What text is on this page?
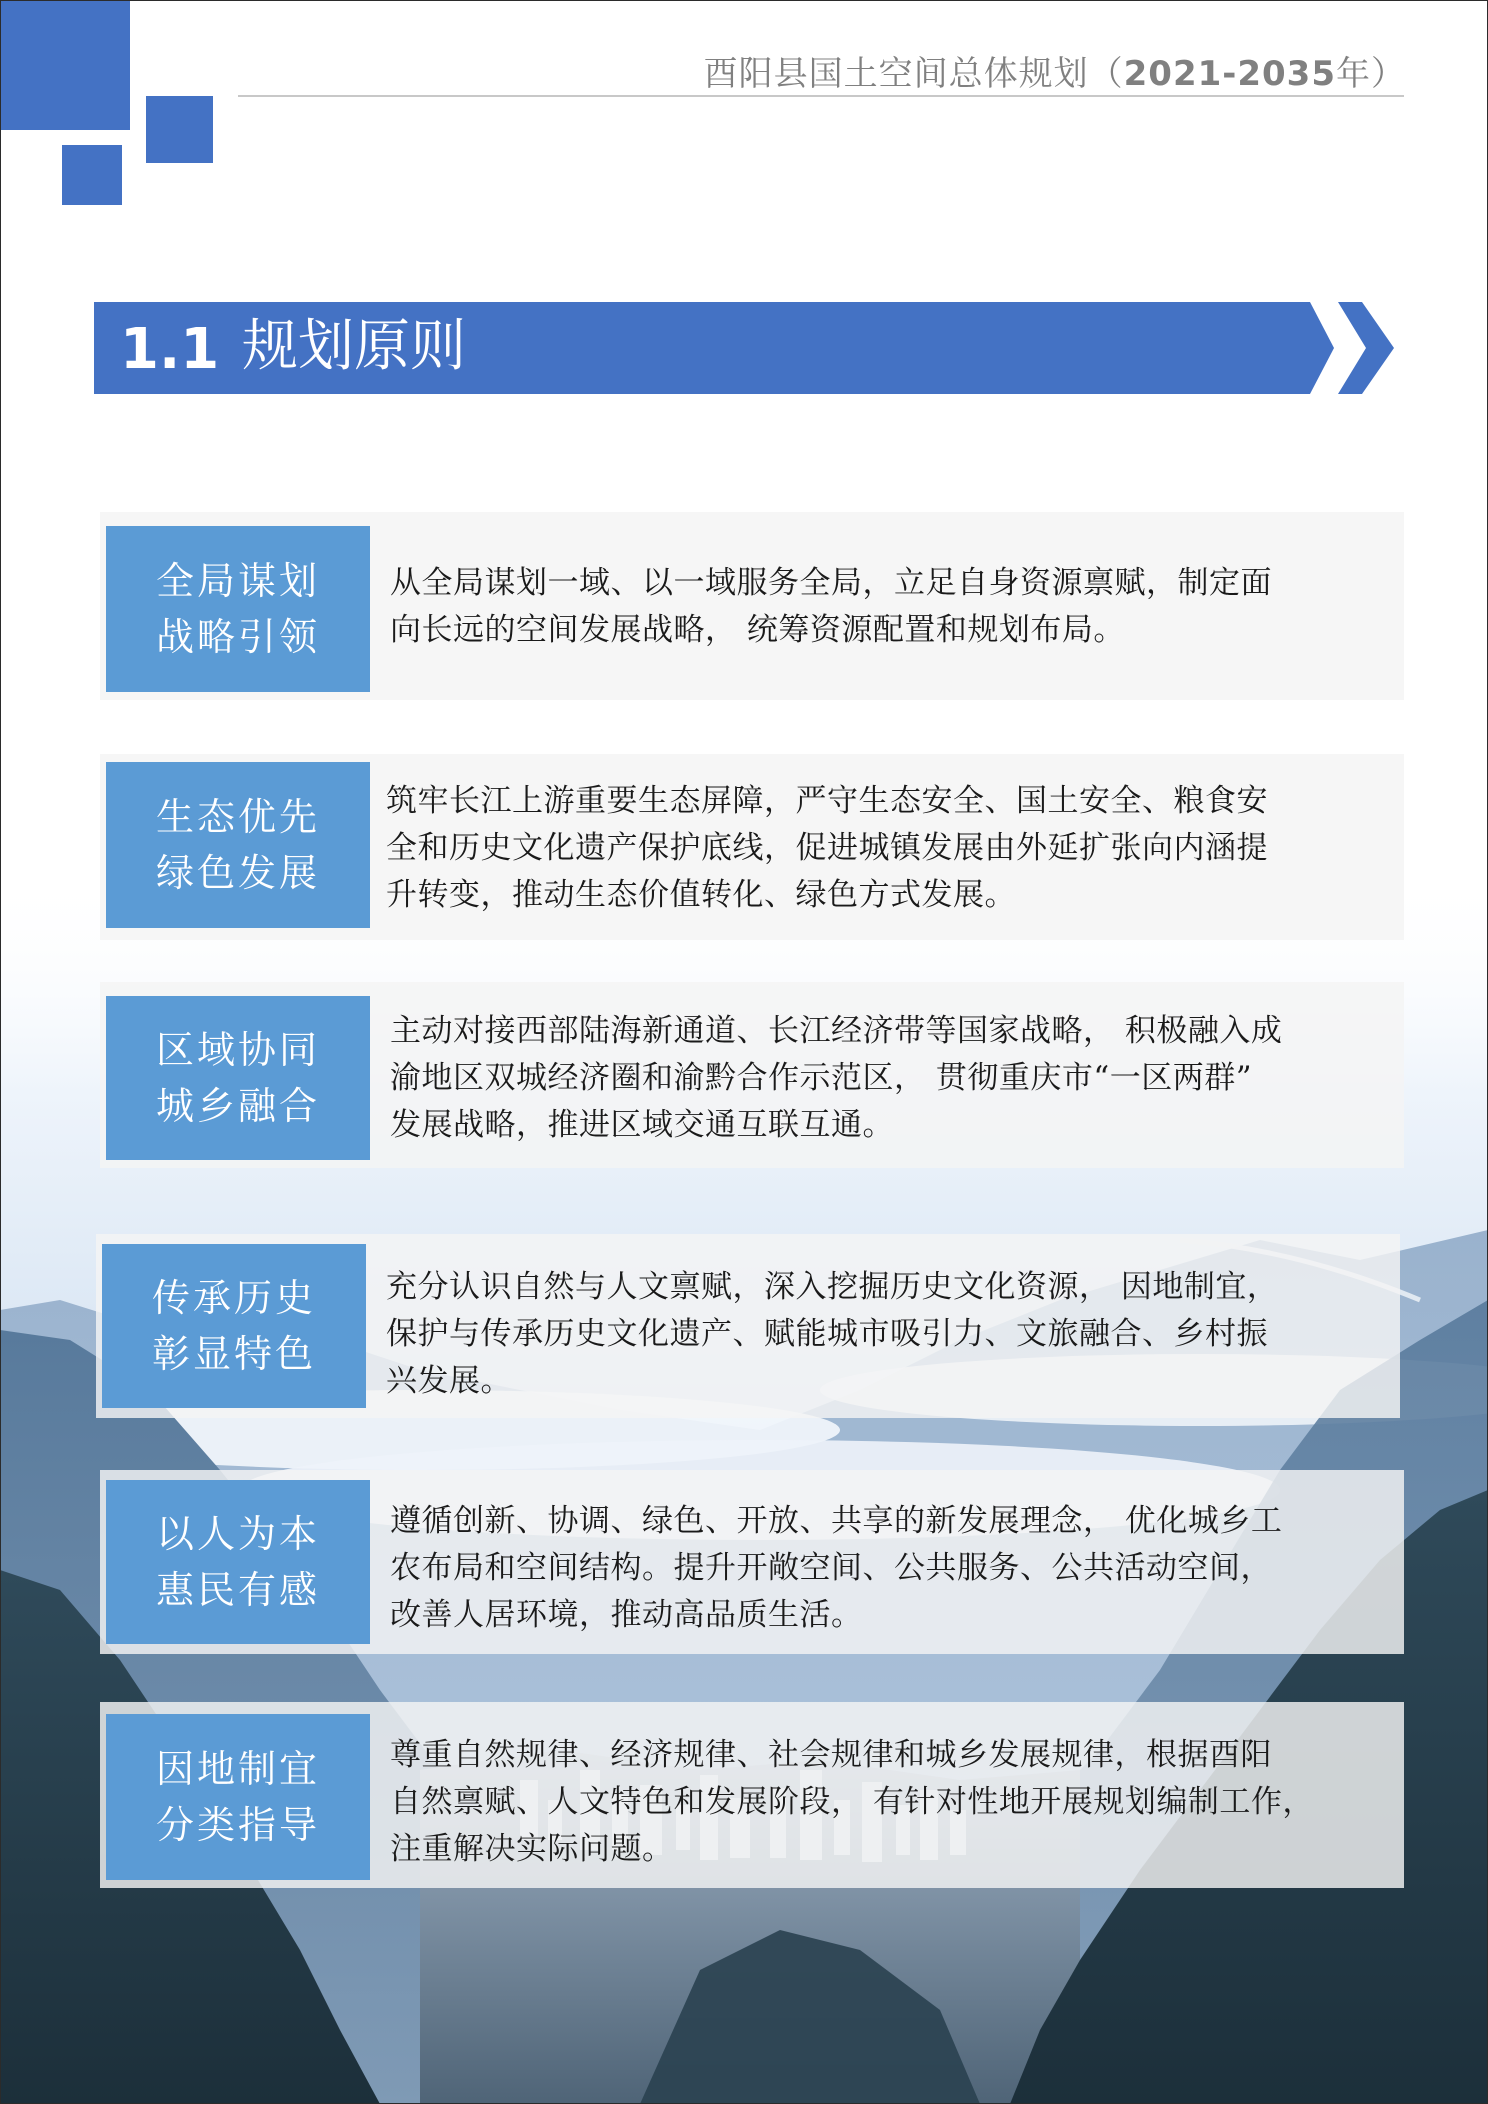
酉阳县国土空间总体规划（2021-2035年）
1.1 规划原则
全局谋划
战略引领
从全局谋划一域、以一域服务全局，立足自身资源禀赋，制定面
向长远的空间发展战略， 统筹资源配置和规划布局。
生态优先
绿色发展
筑牢长江上游重要生态屏障，严守生态安全、国土安全、粮食安
全和历史文化遗产保护底线，促进城镇发展由外延扩张向内涵提
升转变，推动生态价值转化、绿色方式发展。
区域协同
城乡融合
主动对接西部陆海新通道、长江经济带等国家战略， 积极融入成
渝地区双城经济圈和渝黔合作示范区， 贯彻重庆市“一区两群”
发展战略，推进区域交通互联互通。
传承历史
彰显特色
充分认识自然与人文禀赋，深入挖掘历史文化资源， 因地制宜，
保护与传承历史文化遗产、赋能城市吸引力、文旅融合、乡村振
兴发展。
以人为本
惠民有感
遵循创新、协调、绿色、开放、共享的新发展理念， 优化城乡工
农布局和空间结构。提升开敞空间、公共服务、公共活动空间，
改善人居环境，推动高品质生活。
因地制宜
分类指导
尊重自然规律、经济规律、社会规律和城乡发展规律，根据酉阳
自然禀赋、人文特色和发展阶段， 有针对性地开展规划编制工作，
注重解决实际问题。
